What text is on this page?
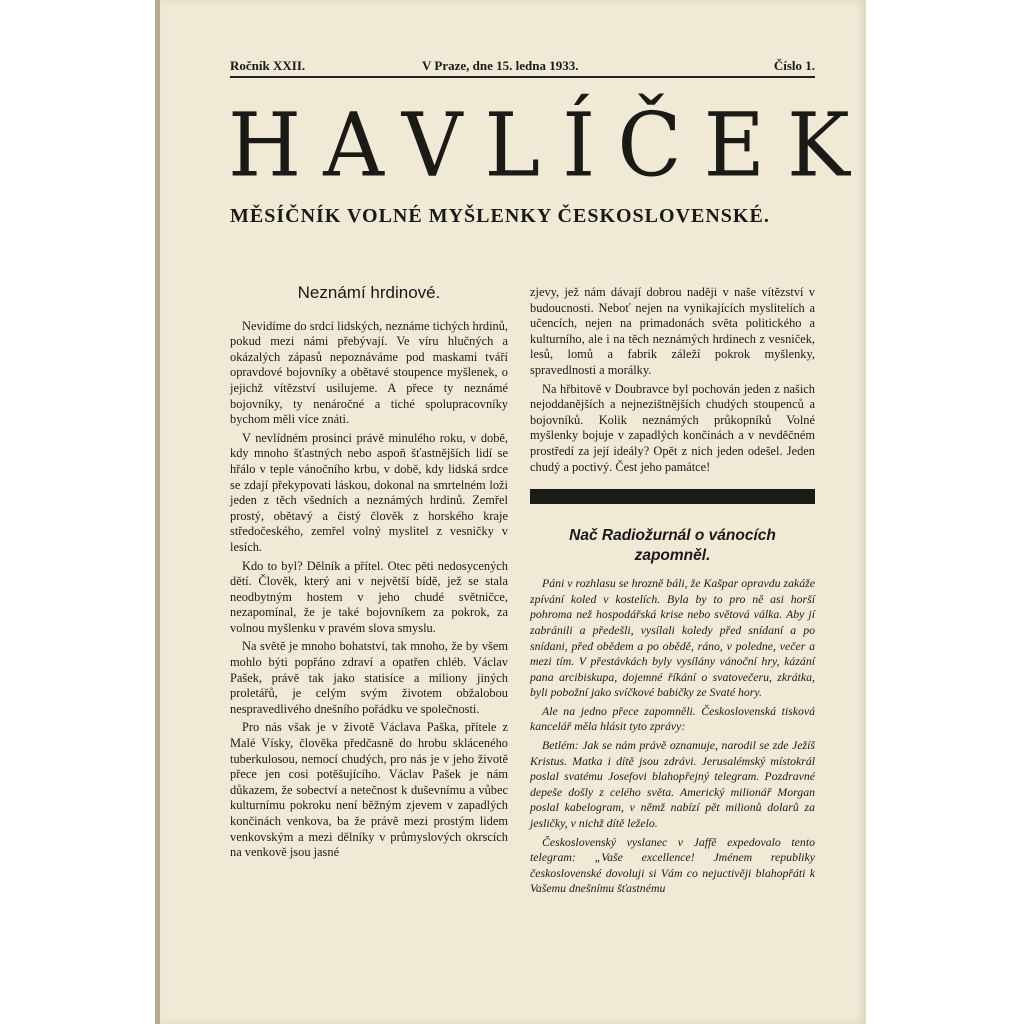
Ročník XXII.	V Praze, dne 15. ledna 1933.	Číslo 1.
HAVLÍČEK
MĚSÍČNÍK VOLNÉ MYŠLENKY ČESKOSLOVENSKÉ.
Neznámí hrdinové.

Nevidíme do srdcí lidských, neznáme tichých hrdinů, pokud mezi námi přebývají. Ve víru hlučných a okázalých zápasů nepoznáváme pod maskami tváří opravdové bojovníky a obětavé stoupence myšlenek, o jejichž vítězství usilujeme. A přece ty neznámé bojovníky, ty nenáročné a tiché spolupracovníky bychom měli více znáti.

V nevlídném prosinci právě minulého roku, v době, kdy mnoho šťastných nebo aspoň šťastnějších lidí se hřálo v teple vánočního krbu, v době, kdy lidská srdce se zdají překypovati láskou, dokonal na smrtelném loži jeden z těch všedních a neznámých hrdinů. Zemřel prostý, obětavý a čistý člověk z horského kraje středočeského, zemřel volný myslitel z vesničky v lesích.

Kdo to byl? Dělník a přítel. Otec pěti nedosycených dětí. Člověk, který ani v největší bídě, jež se stala neodbytným hostem v jeho chudé světničce, nezapomínal, že je také bojovníkem za pokrok, za volnou myšlenku v pravém slova smyslu.

Na světě je mnoho bohatství, tak mnoho, že by všem mohlo býti popřáno zdraví a opatřen chléb. Václav Pašek, právě tak jako statisíce a miliony jiných proletářů, je celým svým životem obžalobou nespravedlivého dnešního pořádku ve společnosti.

Pro nás však je v životě Václava Paška, přítele z Malé Vísky, člověka předčasně do hrobu skláceného tuberkulosou, nemocí chudých, pro nás je v jeho životě přece jen cosi potěšujícího. Václav Pašek je nám důkazem, že sobectví a netečnost k duševnímu a vůbec kulturnímu pokroku není běžným zjevem v zapadlých končinách venkova, ba že právě mezi prostým lidem venkovským a mezi dělníky v průmyslových okrscích na venkově jsou jasné

zjevy, jež nám dávají dobrou naději v naše vítězství v budoucnosti. Neboť nejen na vynikajících myslitelích a učencích, nejen na primadonách světa politického a kulturního, ale i na těch neznámých hrdinech z vesniček, lesů, lomů a fabrik záleží pokrok myšlenky, spravedlnosti a morálky.

Na hřbitově v Doubravce byl pochován jeden z našich nejoddanějších a nejnezištnějších chudých stoupenců a bojovníků. Kolik neznámých průkopníků Volné myšlenky bojuje v zapadlých končinách a v nevděčném prostředí za její ideály? Opět z nich jeden odešel. Jeden chudý a poctivý. Čest jeho památce!

Nač Radiožurnál o vánocích zapomněl.

Páni v rozhlasu se hrozně báli, že Kašpar opravdu zakáže zpívání koled v kostelích. Byla by to pro ně asi horší pohroma než hospodářská krise nebo světová válka. Aby jí zabránili a předešli, vysílali koledy před snídaní a po snídani, před obědem a po obědě, ráno, v poledne, večer a mezi tím. V přestávkách byly vysílány vánoční hry, kázání pana arcibiskupa, dojemné říkání o svatovečeru, zkrátka, byli pobožní jako svíčkové babičky ze Svaté hory.

Ale na jedno přece zapomněli. Československá tisková kancelář měla hlásit tyto zprávy:

Betlém: Jak se nám právě oznamuje, narodil se zde Ježíš Kristus. Matka i dítě jsou zdrávi. Jerusalémský místokrál poslal svatému Josefovi blahopřejný telegram. Pozdravné depeše došly z celého světa. Americký milionář Morgan poslal kabelogram, v němž nabízí pět milionů dolarů za jesličky, v nichž dítě leželo.

Československý vyslanec v Jaffě expedovalo tento telegram: „Vaše excellence! Jménem republiky československé dovoluji si Vám co nejuctivěji blahopřáti k Vašemu dnešnímu šťastnému
